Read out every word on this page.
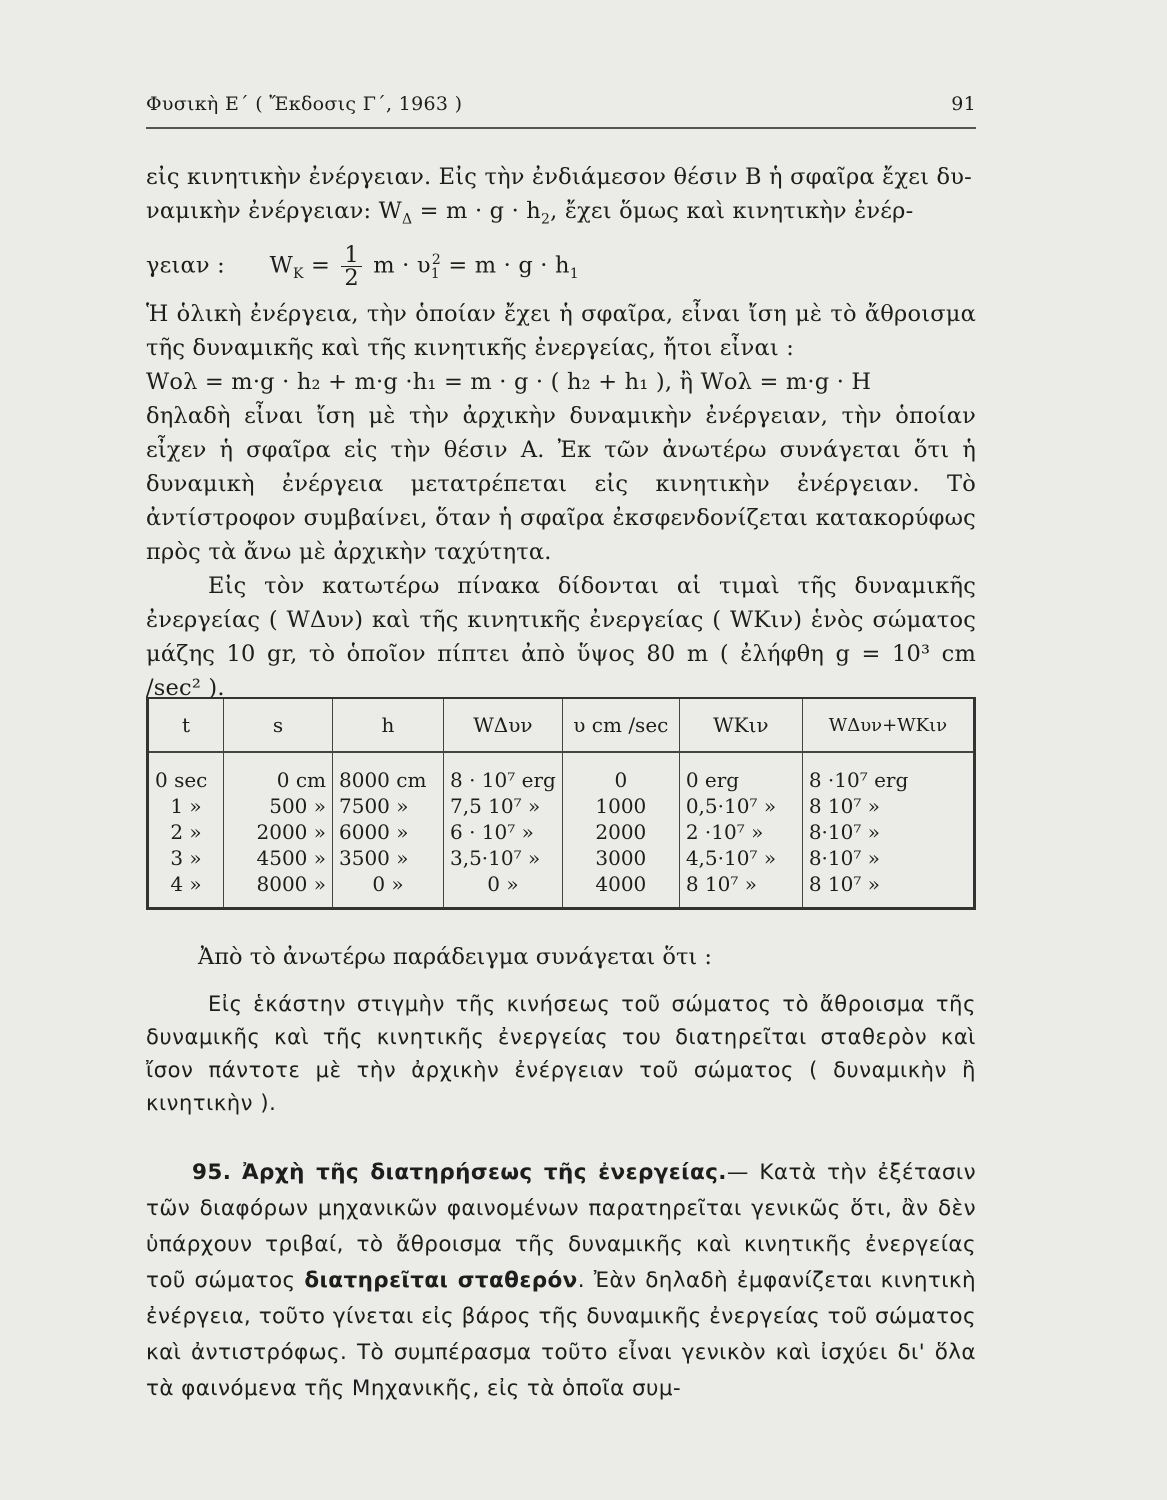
Φυσικὴ Ε΄ ( Ἔκδοσις Γ΄, 1963 )	91

εἰς κινητικὴν ἐνέργειαν. Εἰς τὴν ἐνδιάμεσον θέσιν Β ἡ σφαῖρα ἔχει δυ-

ναμικὴν ἐνέργειαν: $W_\Delta = m \cdot g \cdot h_2$, ἔχει ὅμως καὶ κινητικὴν ἐνέρ-

γειαν : $W_K = \frac{1}{2}$ $m \cdot \upsilon_1^2 = m \cdot g \cdot h_1$

Ἡ ὁλικὴ ἐνέργεια, τὴν ὁποίαν ἔχει ἡ σφαῖρα, εἶναι ἴση μὲ τὸ ἄθροισμα τῆς δυναμικῆς καὶ τῆς κινητικῆς ἐνεργείας, ἤτοι εἶναι :

Wολ = m·g · h₂ + m·g ·h₁ = m · g · ( h₂ + h₁ ), ἢ Wολ = m·g · H

δηλαδὴ εἶναι ἴση μὲ τὴν ἀρχικὴν δυναμικὴν ἐνέργειαν, τὴν ὁποίαν εἶχεν ἡ σφαῖρα εἰς τὴν θέσιν Α. Ἐκ τῶν ἀνωτέρω συνάγεται ὅτι ἡ δυναμικὴ ἐνέργεια μετατρέπεται εἰς κινητικὴν ἐνέργειαν. Τὸ ἀντίστροφον συμβαίνει, ὅταν ἡ σφαῖρα ἐκσφενδονίζεται κατακορύφως πρὸς τὰ ἄνω μὲ ἀρχικὴν ταχύτητα.

Εἰς τὸν κατωτέρω πίνακα δίδονται αἱ τιμαὶ τῆς δυναμικῆς ἐνεργείας ( WΔυν) καὶ τῆς κινητικῆς ἐνεργείας ( WΚιν) ἑνὸς σώματος μάζης 10 gr, τὸ ὁποῖον πίπτει ἀπὸ ὕψος 80 m ( ἐλήφθη g = 10³ cm /sec² ).

t	s	h	WΔυν	υ cm /sec	WΚιν	WΔυν+WΚιν
0 sec	0 cm	8000 cm	8 · 10⁷ erg	0	0 erg	8 ·10⁷ erg
1 »	500 »	7500 »	7,5 10⁷ »	1000	0,5·10⁷ »	8 10⁷ »
2 »	2000 »	6000 »	6 · 10⁷ »	2000	2 ·10⁷ »	8·10⁷ »
3 »	4500 »	3500 »	3,5·10⁷ »	3000	4,5·10⁷ »	8·10⁷ »
4 »	8000 »	0 »	0 »	4000	8 10⁷ »	8 10⁷ »

Ἀπὸ τὸ ἀνωτέρω παράδειγμα συνάγεται ὅτι :

Εἰς ἑκάστην στιγμὴν τῆς κινήσεως τοῦ σώματος τὸ ἄθροισμα τῆς δυναμικῆς καὶ τῆς κινητικῆς ἐνεργείας του διατηρεῖται σταθερὸν καὶ ἴσον πάντοτε μὲ τὴν ἀρχικὴν ἐνέργειαν τοῦ σώματος ( δυναμικὴν ἢ κινητικὴν ).

95. Ἀρχὴ τῆς διατηρήσεως τῆς ἐνεργείας.— Κατὰ τὴν ἐξέτασιν τῶν διαφόρων μηχανικῶν φαινομένων παρατηρεῖται γενικῶς ὅτι, ἂν δὲν ὑπάρχουν τριβαί, τὸ ἄθροισμα τῆς δυναμικῆς καὶ κινητικῆς ἐνεργείας τοῦ σώματος διατηρεῖται σταθερόν. Ἐὰν δηλαδὴ ἐμφανίζεται κινητικὴ ἐνέργεια, τοῦτο γίνεται εἰς βάρος τῆς δυναμικῆς ἐνεργείας τοῦ σώματος καὶ ἀντιστρόφως. Τὸ συμπέρασμα τοῦτο εἶναι γενικὸν καὶ ἰσχύει δι' ὅλα τὰ φαινόμενα τῆς Μηχανικῆς, εἰς τὰ ὁποῖα συμ-
